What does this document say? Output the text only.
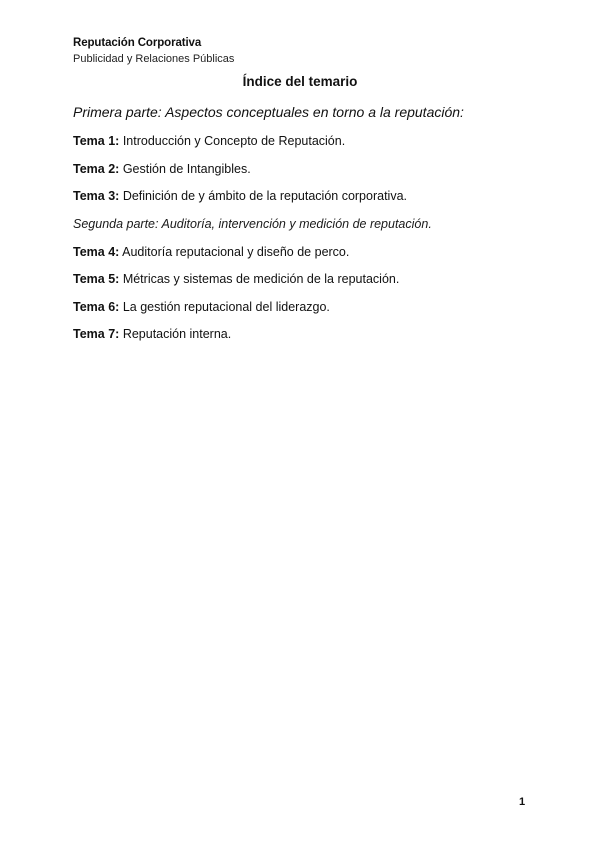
Reputación Corporativa
Publicidad y Relaciones Públicas
Índice del temario

Primera parte: Aspectos conceptuales en torno a la reputación:

Tema 1: Introducción y Concepto de Reputación.
Tema 2: Gestión de Intangibles.
Tema 3: Definición de y ámbito de la reputación corporativa.

Segunda parte: Auditoría, intervención y medición de reputación.

Tema 4: Auditoría reputacional y diseño de perco.
Tema 5: Métricas y sistemas de medición de la reputación.
Tema 6: La gestión reputacional del liderazgo.
Tema 7: Reputación interna.
1
